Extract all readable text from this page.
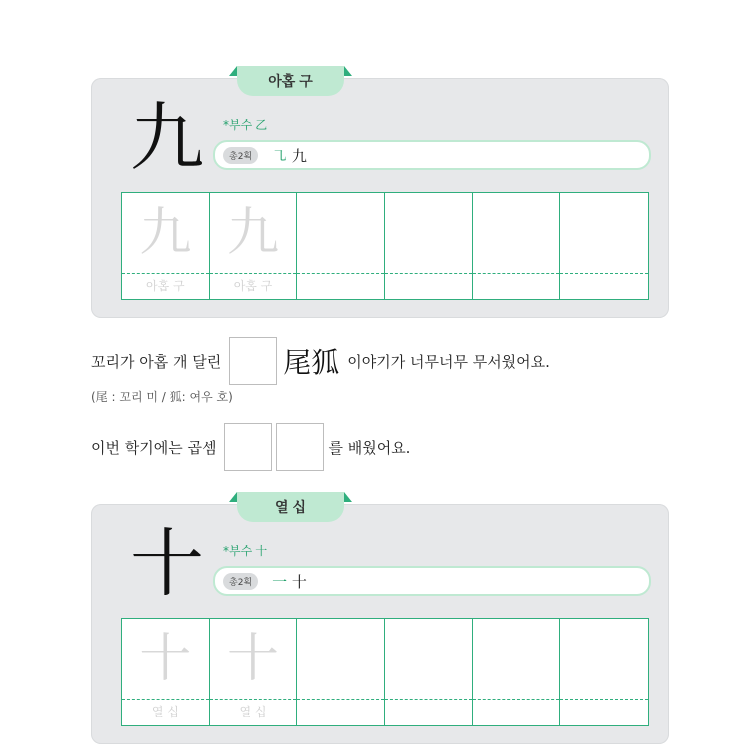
아홉 구
九 *부수 乙
총2획	㇈ 九
九
아홉 구
九
아홉 구
꼬리가 아홉 개 달린 尾狐 이야기가 너무너무 무서웠어요.
(尾 : 꼬리 미 / 狐: 여우 호)
이번 학기에는 곱셈	를 배웠어요.
열 십
十 *부수 十
총2획	一 十
十
열 십
十
열 십
